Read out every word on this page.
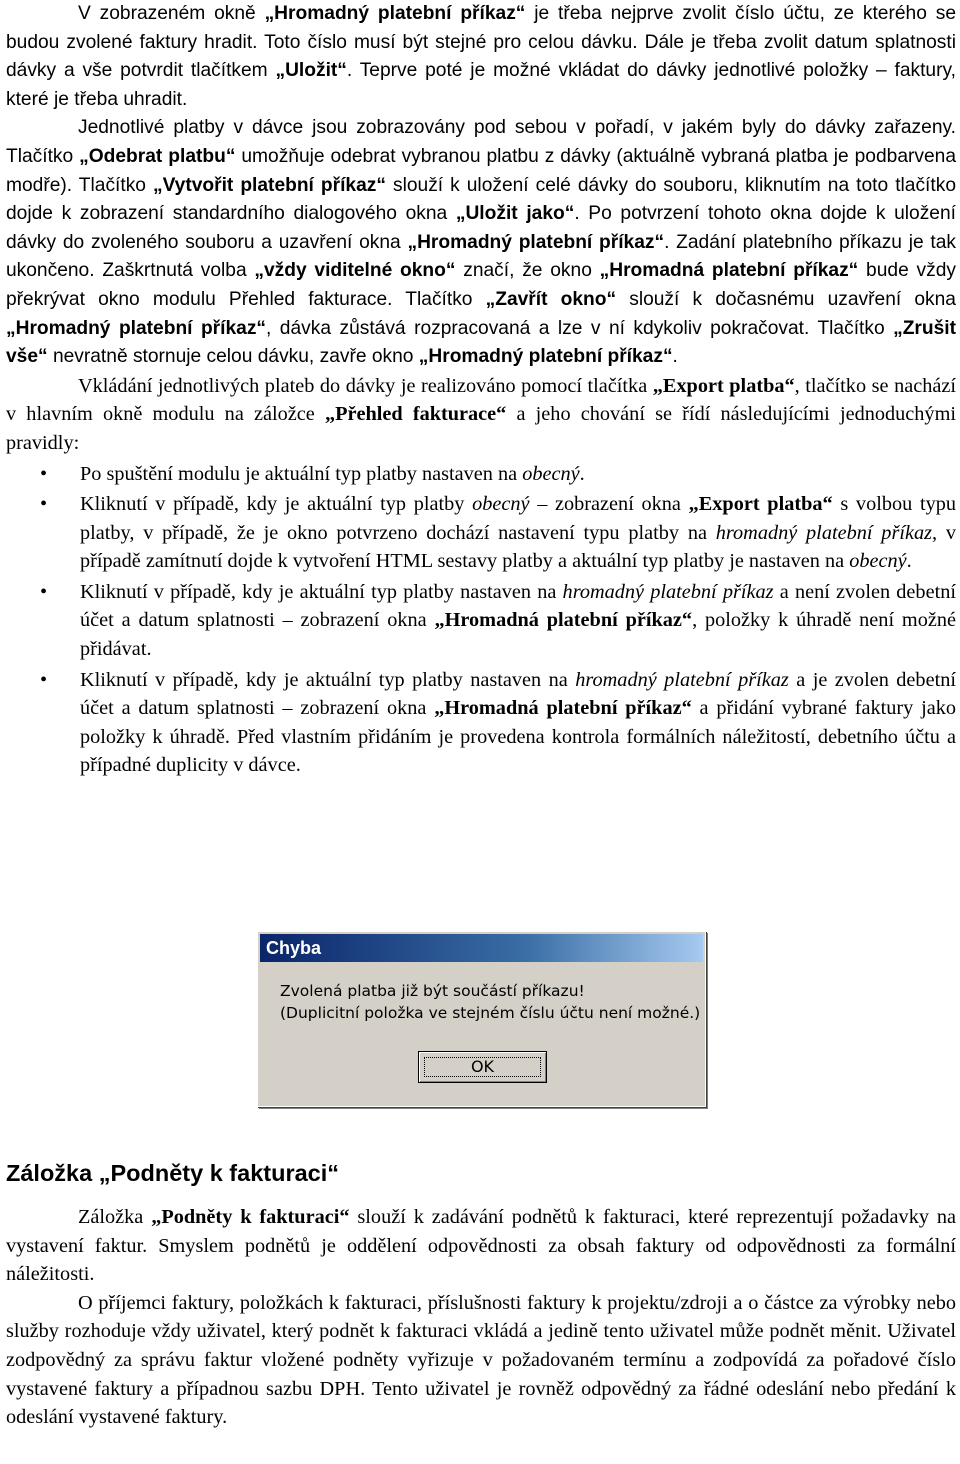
V zobrazeném okně „Hromadný platební příkaz“ je třeba nejprve zvolit číslo účtu, ze kterého se budou zvolené faktury hradit. Toto číslo musí být stejné pro celou dávku. Dále je třeba zvolit datum splatnosti dávky a vše potvrdit tlačítkem „Uložit“. Teprve poté je možné vkládat do dávky jednotlivé položky – faktury, které je třeba uhradit.

Jednotlivé platby v dávce jsou zobrazovány pod sebou v pořadí, v jakém byly do dávky zařazeny. Tlačítko „Odebrat platbu“ umožňuje odebrat vybranou platbu z dávky (aktuálně vybraná platba je podbarvena modře). Tlačítko „Vytvořit platební příkaz“ slouží k uložení celé dávky do souboru, kliknutím na toto tlačítko dojde k zobrazení standardního dialogového okna „Uložit jako“. Po potvrzení tohoto okna dojde k uložení dávky do zvoleného souboru a uzavření okna „Hromadný platební příkaz“. Zadání platebního příkazu je tak ukončeno. Zaškrtnutá volba „vždy viditelné okno“ značí, že okno „Hromadná platební příkaz“ bude vždy překrývat okno modulu Přehled fakturace. Tlačítko „Zavřít okno“ slouží k dočasnému uzavření okna „Hromadný platební příkaz“, dávka zůstává rozpracovaná a lze v ní kdykoliv pokračovat. Tlačítko „Zrušit vše“ nevratně stornuje celou dávku, zavře okno „Hromadný platební příkaz“.

Vkládání jednotlivých plateb do dávky je realizováno pomocí tlačítka „Export platba“, tlačítko se nachází v hlavním okně modulu na záložce „Přehled fakturace“ a jeho chování se řídí následujícími jednoduchými pravidly:

• Po spuštění modulu je aktuální typ platby nastaven na obecný.
• Kliknutí v případě, kdy je aktuální typ platby obecný – zobrazení okna „Export platba“ s volbou typu platby, v případě, že je okno potvrzeno dochází nastavení typu platby na hromadný platební příkaz, v případě zamítnutí dojde k vytvoření HTML sestavy platby a aktuální typ platby je nastaven na obecný.
• Kliknutí v případě, kdy je aktuální typ platby nastaven na hromadný platební příkaz a není zvolen debetní účet a datum splatnosti – zobrazení okna „Hromadná platební příkaz“, položky k úhradě není možné přidávat.
• Kliknutí v případě, kdy je aktuální typ platby nastaven na hromadný platební příkaz a je zvolen debetní účet a datum splatnosti – zobrazení okna „Hromadná platební příkaz“ a přidání vybrané faktury jako položky k úhradě. Před vlastním přidáním je provedena kontrola formálních náležitostí, debetního účtu a případné duplicity v dávce.
Chyba
Zvolená platba již být součástí příkazu!
(Duplicitní položka ve stejném číslu účtu není možné.)
OK
Záložka „Podněty k fakturaci“

Záložka „Podněty k fakturaci“ slouží k zadávání podnětů k fakturaci, které reprezentují požadavky na vystavení faktur. Smyslem podnětů je oddělení odpovědnosti za obsah faktury od odpovědnosti za formální náležitosti.

O příjemci faktury, položkách k fakturaci, příslušnosti faktury k projektu/zdroji a o částce za výrobky nebo služby rozhoduje vždy uživatel, který podnět k fakturaci vkládá a jedině tento uživatel může podnět měnit. Uživatel zodpovědný za správu faktur vložené podněty vyřizuje v požadovaném termínu a zodpovídá za pořadové číslo vystavené faktury a případnou sazbu DPH. Tento uživatel je rovněž odpovědný za řádné odeslání nebo předání k odeslání vystavené faktury.
